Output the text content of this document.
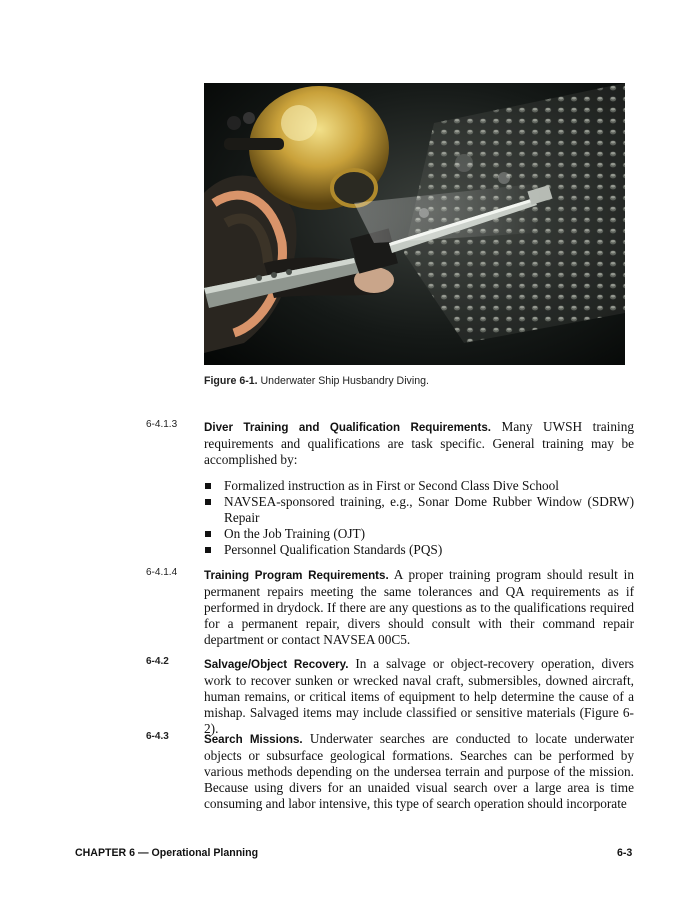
Figure 6-1. Underwater Ship Husbandry Diving.
6-4.1.3 Diver Training and Qualification Requirements. Many UWSH training requirements and qualifications are task specific. General training may be accomplished by:
Formalized instruction as in First or Second Class Dive School
NAVSEA-sponsored training, e.g., Sonar Dome Rubber Window (SDRW) Repair
On the Job Training (OJT)
Personnel Qualification Standards (PQS)
6-4.1.4 Training Program Requirements. A proper training program should result in permanent repairs meeting the same tolerances and QA requirements as if performed in drydock. If there are any questions as to the qualifications required for a permanent repair, divers should consult with their command repair department or contact NAVSEA 00C5.
6-4.2	Salvage/Object Recovery. In a salvage or object-recovery operation, divers work to recover sunken or wrecked naval craft, submersibles, downed aircraft, human remains, or critical items of equipment to help determine the cause of a mishap. Salvaged items may include classified or sensitive materials (Figure 6-2).
6-4.3	Search Missions. Underwater searches are conducted to locate underwater objects or subsurface geological formations. Searches can be performed by various methods depending on the undersea terrain and purpose of the mission. Because using divers for an unaided visual search over a large area is time consuming and labor intensive, this type of search operation should incorporate
CHAPTER 6 — Operational Planning	6-3
